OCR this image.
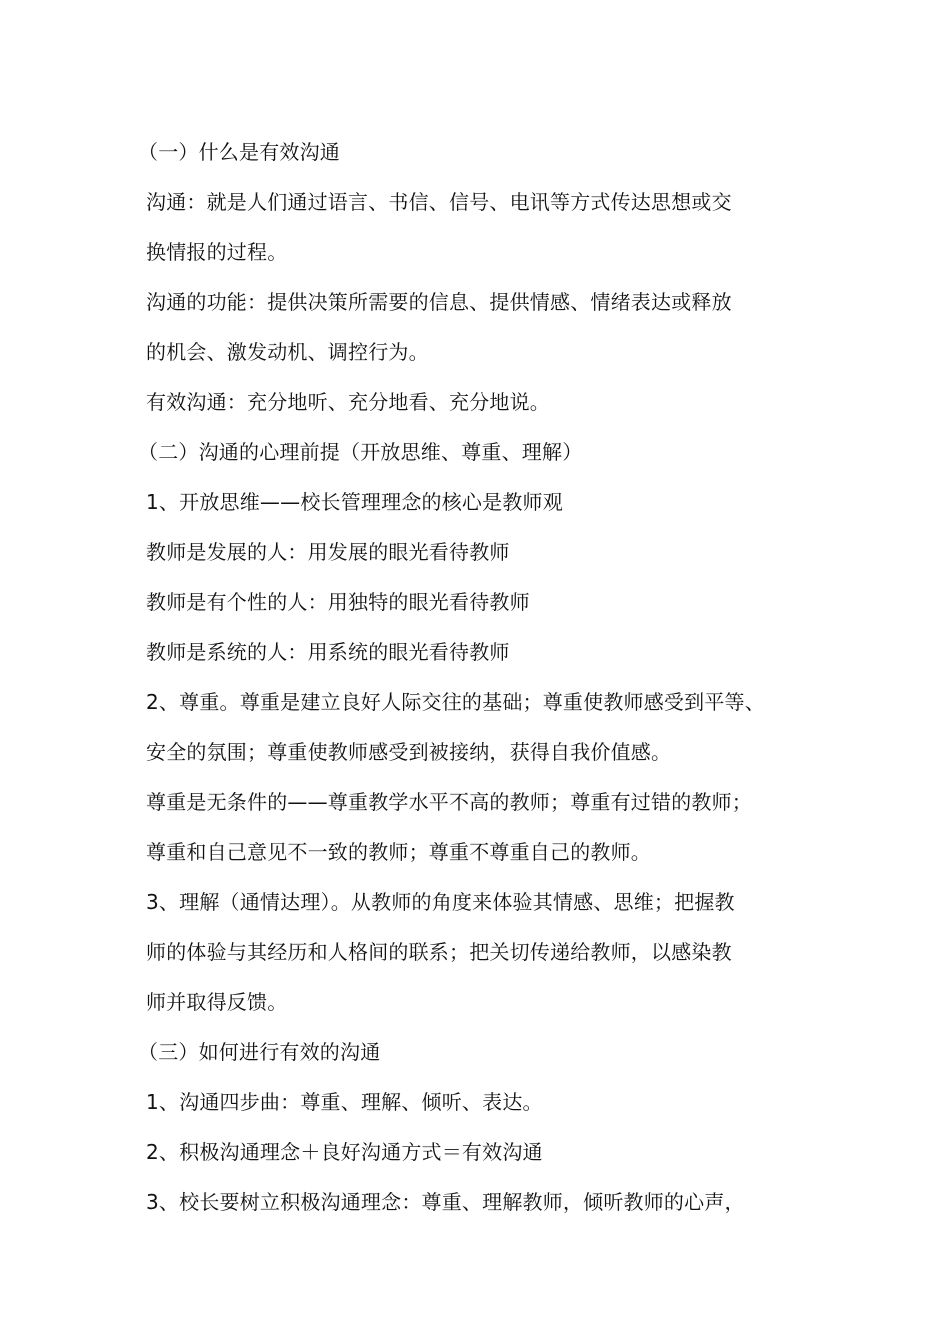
（一）什么是有效沟通
沟通：就是人们通过语言、书信、信号、电讯等方式传达思想或交
换情报的过程。
沟通的功能：提供决策所需要的信息、提供情感、情绪表达或释放
的机会、激发动机、调控行为。
有效沟通：充分地听、充分地看、充分地说。
（二）沟通的心理前提（开放思维、尊重、理解）
1、开放思维——校长管理理念的核心是教师观
教师是发展的人：用发展的眼光看待教师
教师是有个性的人：用独特的眼光看待教师
教师是系统的人：用系统的眼光看待教师
2、尊重。尊重是建立良好人际交往的基础；尊重使教师感受到平等、
安全的氛围；尊重使教师感受到被接纳，获得自我价值感。
尊重是无条件的——尊重教学水平不高的教师；尊重有过错的教师；
尊重和自己意见不一致的教师；尊重不尊重自己的教师。
3、理解（通情达理）。从教师的角度来体验其情感、思维；把握教
师的体验与其经历和人格间的联系；把关切传递给教师，以感染教
师并取得反馈。
（三）如何进行有效的沟通
1、沟通四步曲：尊重、理解、倾听、表达。
2、积极沟通理念＋良好沟通方式＝有效沟通
3、校长要树立积极沟通理念：尊重、理解教师，倾听教师的心声，
